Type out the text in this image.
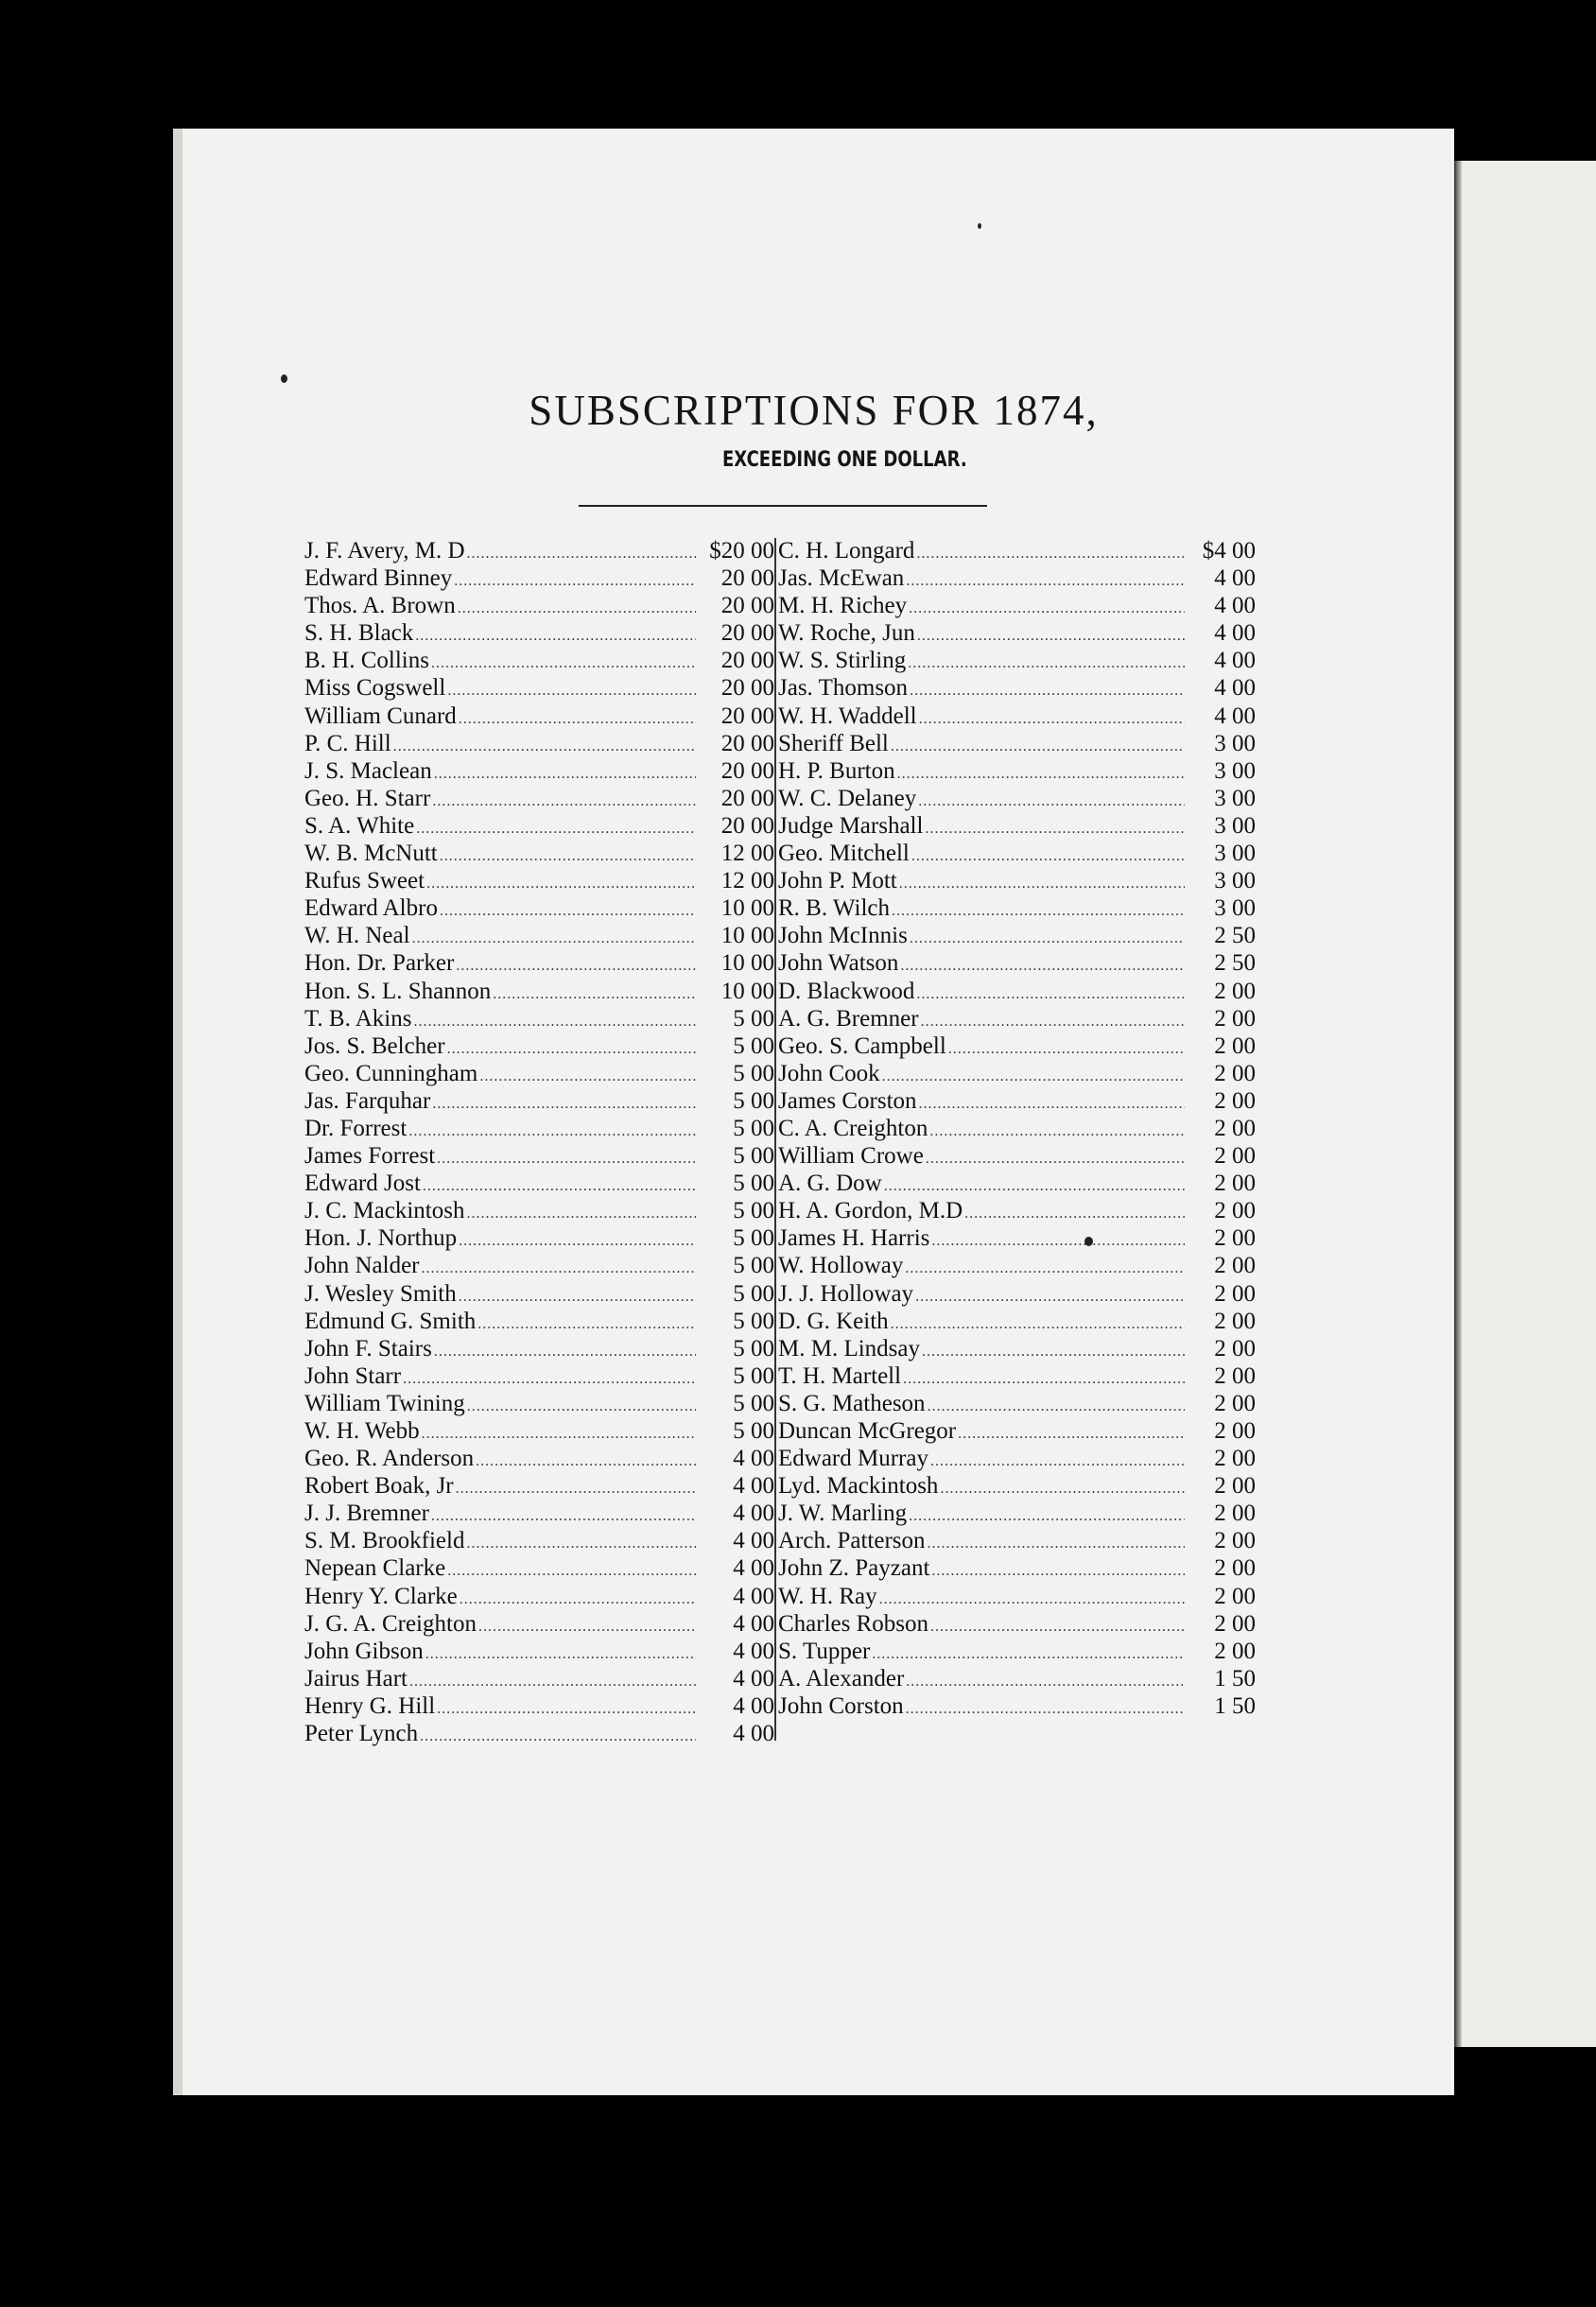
SUBSCRIPTIONS FOR 1874,
EXCEEDING ONE DOLLAR.
J. F. Avery, M. D .....	$20 00
Edward Binney .....	20 00
Thos. A. Brown .....	20 00
S. H. Black .....	20 00
B. H. Collins .....	20 00
Miss Cogswell .....	20 00
William Cunard .....	20 00
P. C. Hill .....	20 00
J. S. Maclean .....	20 00
Geo. H. Starr .....	20 00
S. A. White .....	20 00
W. B. McNutt .....	12 00
Rufus Sweet .....	12 00
Edward Albro .....	10 00
W. H. Neal .....	10 00
Hon. Dr. Parker .....	10 00
Hon. S. L. Shannon .....	10 00
T. B. Akins .....	5 00
Jos. S. Belcher .....	5 00
Geo. Cunningham .....	5 00
Jas. Farquhar .....	5 00
Dr. Forrest .....	5 00
James Forrest .....	5 00
Edward Jost .....	5 00
J. C. Mackintosh .....	5 00
Hon. J. Northup .....	5 00
John Nalder .....	5 00
J. Wesley Smith .....	5 00
Edmund G. Smith .....	5 00
John F. Stairs .....	5 00
John Starr .....	5 00
William Twining .....	5 00
W. H. Webb .....	5 00
Geo. R. Anderson .....	4 00
Robert Boak, Jr .....	4 00
J. J. Bremner .....	4 00
S. M. Brookfield .....	4 00
Nepean Clarke .....	4 00
Henry Y. Clarke .....	4 00
J. G. A. Creighton .....	4 00
John Gibson .....	4 00
Jairus Hart .....	4 00
Henry G. Hill .....	4 00
Peter Lynch .....	4 00
C. H. Longard .....	$4 00
Jas. McEwan .....	4 00
M. H. Richey .....	4 00
W. Roche, Jun .....	4 00
W. S. Stirling .....	4 00
Jas. Thomson .....	4 00
W. H. Waddell .....	4 00
Sheriff Bell .....	3 00
H. P. Burton .....	3 00
W. C. Delaney .....	3 00
Judge Marshall .....	3 00
Geo. Mitchell .....	3 00
John P. Mott .....	3 00
R. B. Wilch .....	3 00
John McInnis .....	2 50
John Watson .....	2 50
D. Blackwood .....	2 00
A. G. Bremner .....	2 00
Geo. S. Campbell .....	2 00
John Cook .....	2 00
James Corston .....	2 00
C. A. Creighton .....	2 00
William Crowe .....	2 00
A. G. Dow .....	2 00
H. A. Gordon, M.D .....	2 00
James H. Harris .....	2 00
W. Holloway .....	2 00
J. J. Holloway .....	2 00
D. G. Keith .....	2 00
M. M. Lindsay .....	2 00
T. H. Martell .....	2 00
S. G. Matheson .....	2 00
Duncan McGregor .....	2 00
Edward Murray .....	2 00
Lyd. Mackintosh .....	2 00
J. W. Marling .....	2 00
Arch. Patterson .....	2 00
John Z. Payzant .....	2 00
W. H. Ray .....	2 00
Charles Robson .....	2 00
S. Tupper .....	2 00
A. Alexander .....	1 50
John Corston .....	1 50
